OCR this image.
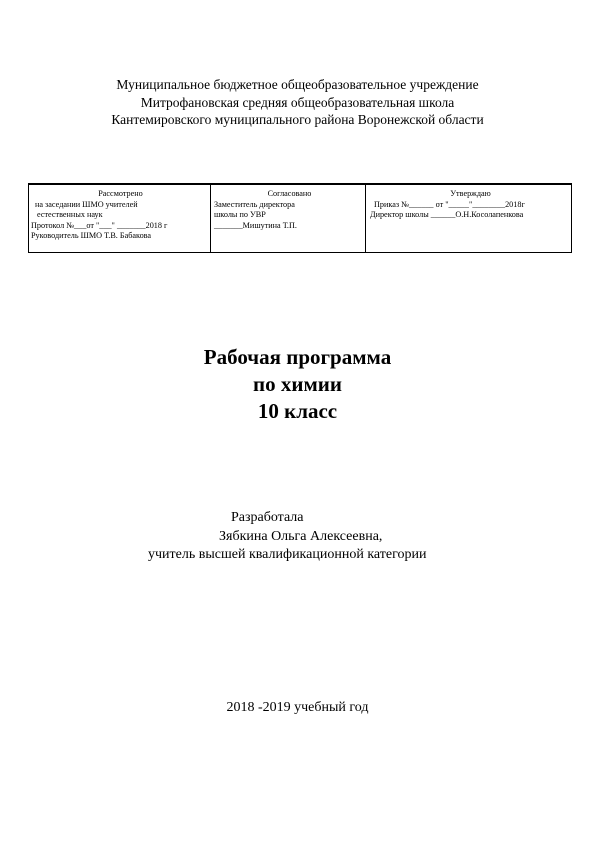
Муниципальное бюджетное общеобразовательное учреждение
Митрофановская средняя общеобразовательная школа
Кантемировского муниципального района Воронежской области
Рассмотрено
на заседании ШМО учителей
естественных наук
Протокол №___от "___" _______2018 г
Руководитель ШМО Т.В. Бабакова
Согласовано
Заместитель директора
школы по УВР
_______Мишутина Т.П.
Утверждаю
Приказ №______ от "_____"________2018г
Директор школы ______О.Н.Косолапенкова
Рабочая программа
по химии
10 класс
Разработала
Зябкина Ольга Алексеевна,
учитель высшей квалификационной категории
2018 -2019 учебный год
